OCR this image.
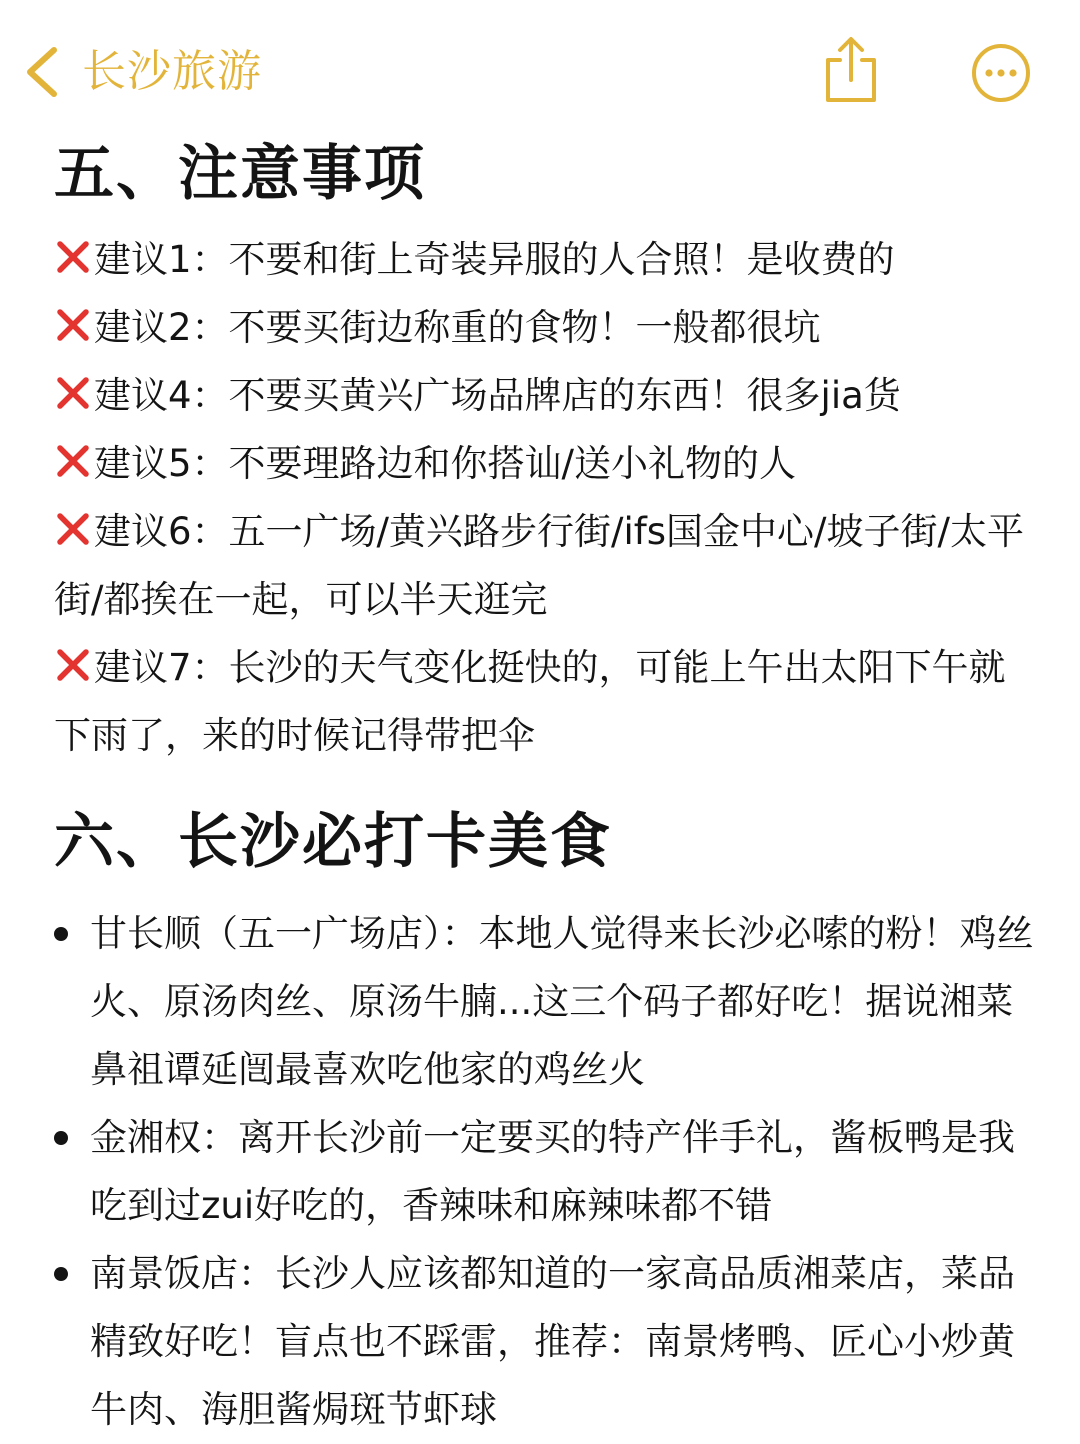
长沙旅游
五、注意事项
建议1：不要和街上奇装异服的人合照！是收费的
建议2：不要买街边称重的食物！一般都很坑
建议4：不要买黄兴广场品牌店的东西！很多jia货
建议5：不要理路边和你搭讪/送小礼物的人
建议6：五一广场/黄兴路步行街/ifs国金中心/坡子街/太平街/都挨在一起，可以半天逛完
建议7：长沙的天气变化挺快的，可能上午出太阳下午就下雨了，来的时候记得带把伞
六、长沙必打卡美食
甘长顺（五一广场店）：本地人觉得来长沙必嗦的粉！鸡丝火、原汤肉丝、原汤牛腩...这三个码子都好吃！据说湘菜鼻祖谭延闿最喜欢吃他家的鸡丝火
金湘权：离开长沙前一定要买的特产伴手礼，酱板鸭是我吃到过zui好吃的，香辣味和麻辣味都不错
南景饭店：长沙人应该都知道的一家高品质湘菜店，菜品精致好吃！盲点也不踩雷，推荐：南景烤鸭、匠心小炒黄牛肉、海胆酱焗斑节虾球
